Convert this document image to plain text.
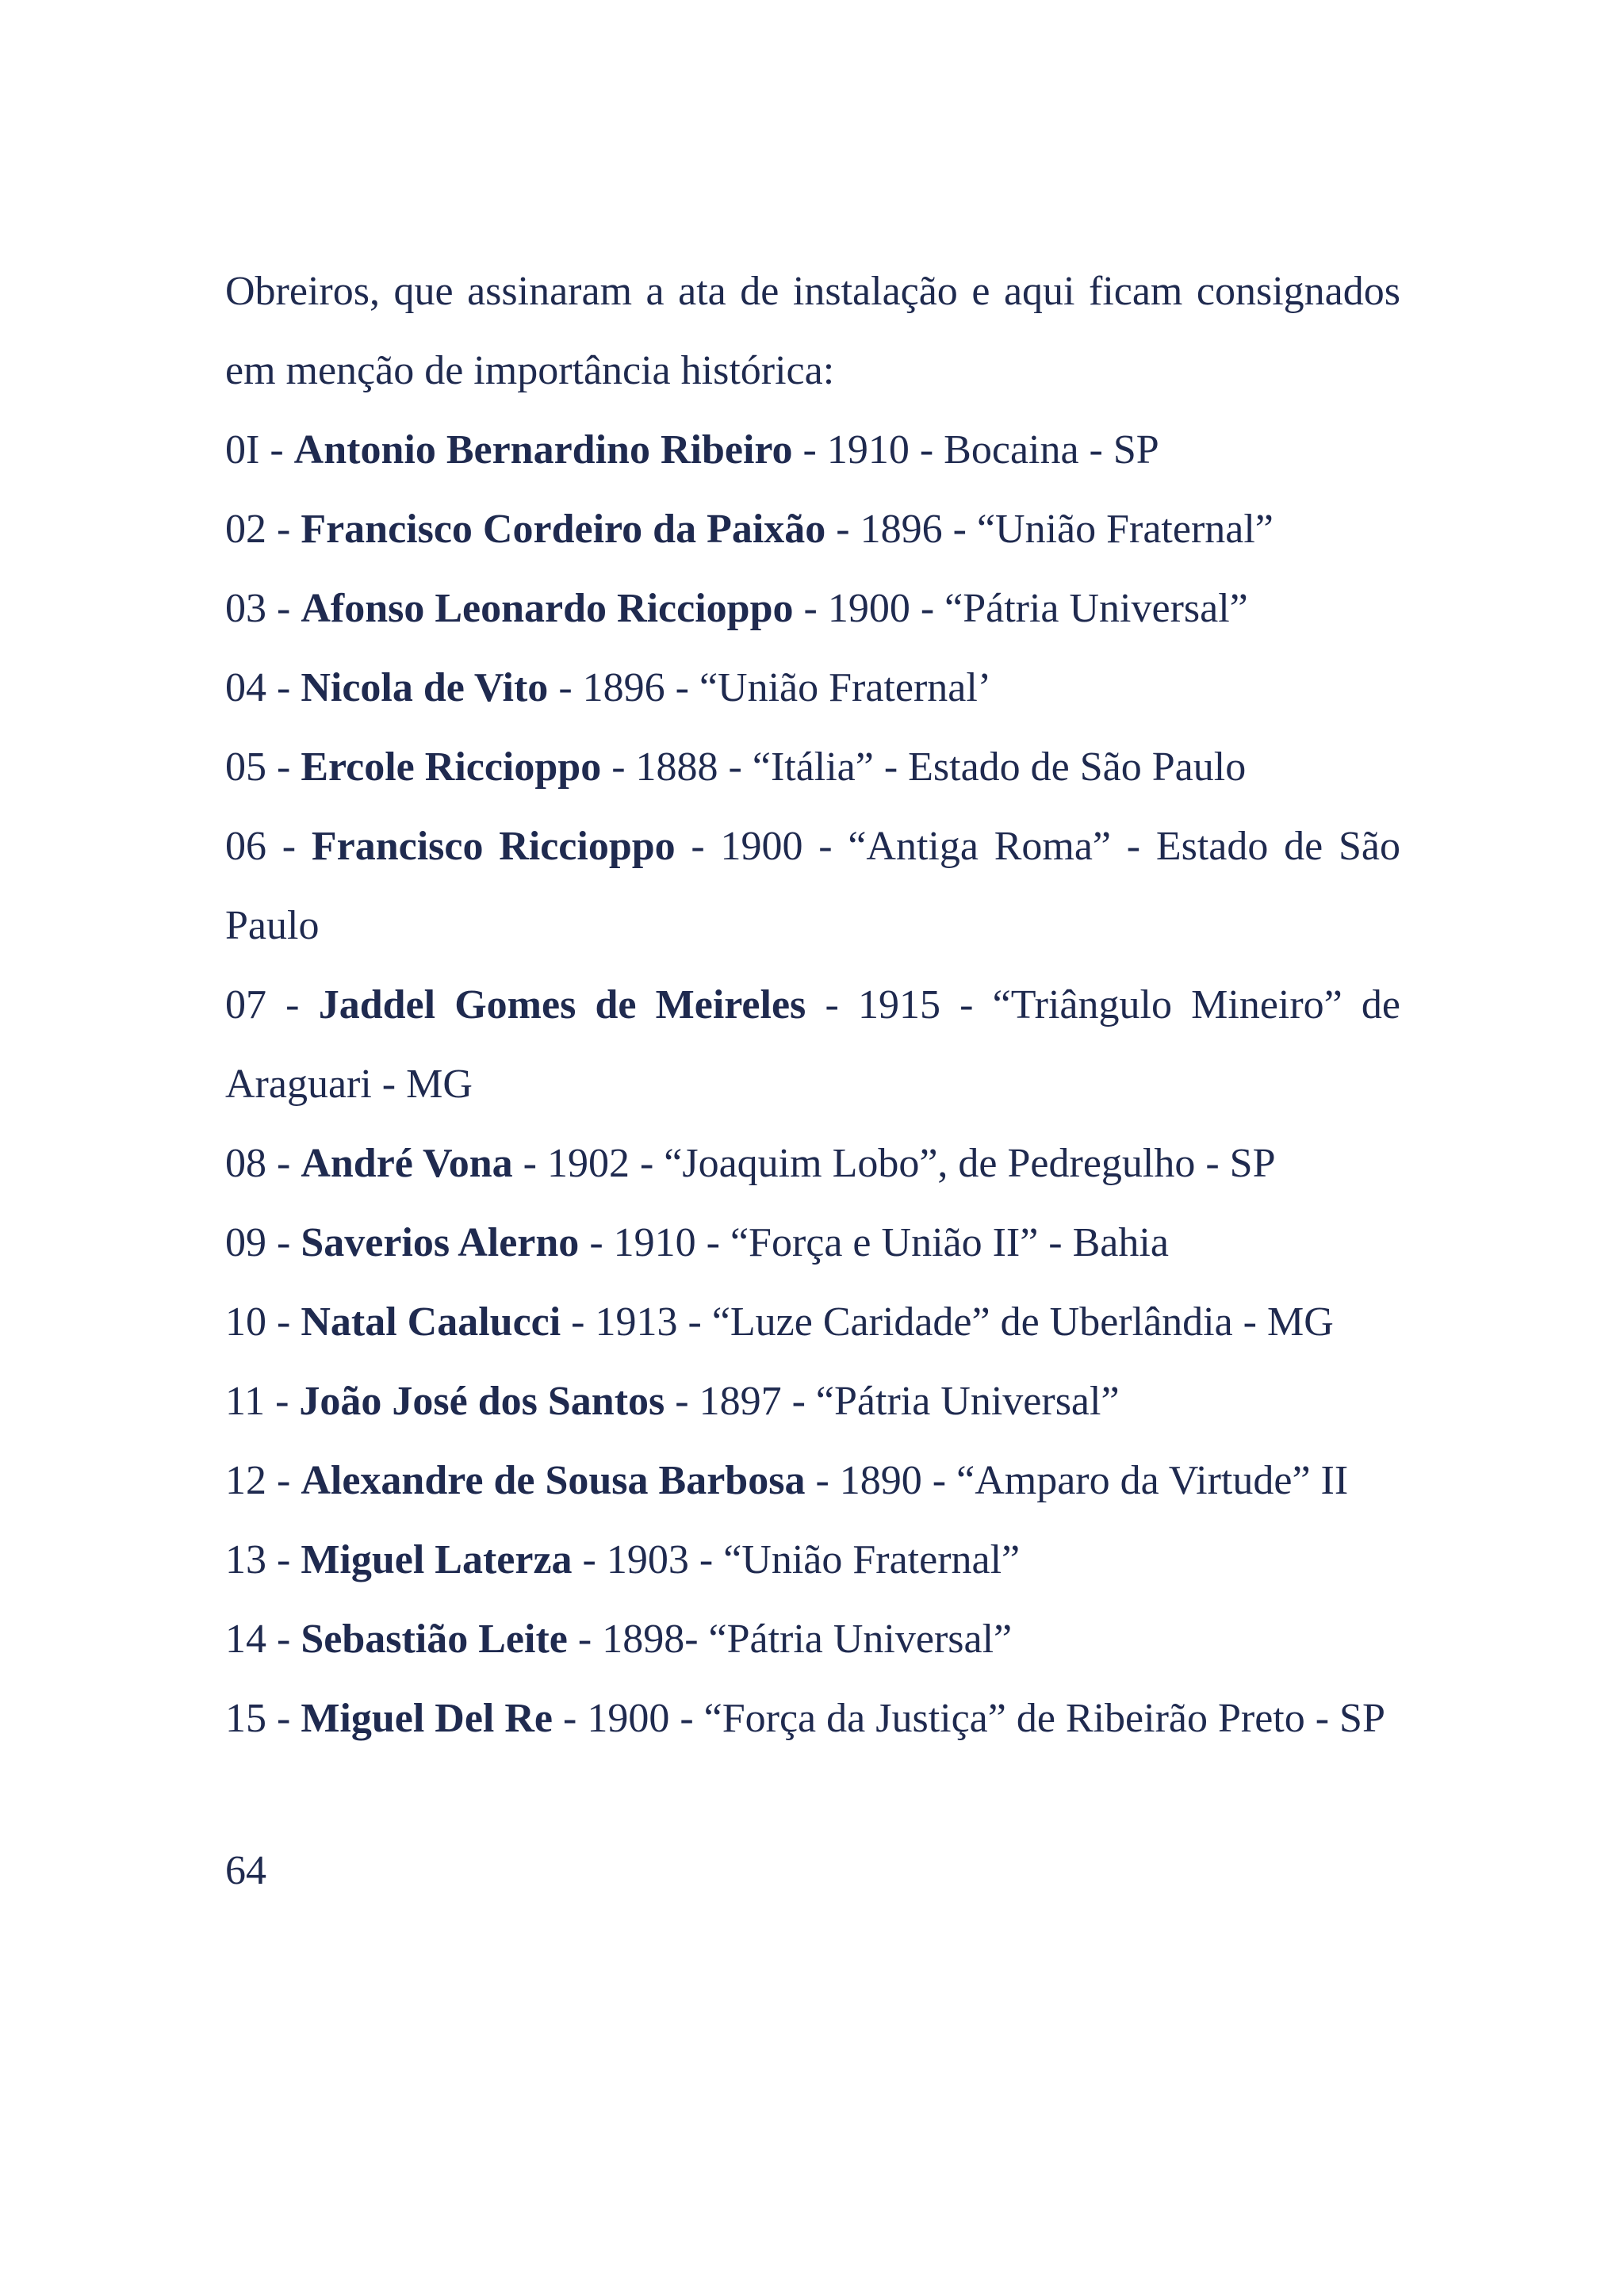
Obreiros, que assinaram a ata de instalação e aqui ficam consignados em menção de importância histórica:

0I - Antonio Bernardino Ribeiro - 1910 - Bocaina - SP

02 - Francisco Cordeiro da Paixão - 1896 - “União Fraternal”

03 - Afonso Leonardo Riccioppo - 1900 - “Pátria Universal”

04 - Nicola de Vito - 1896 - “União Fraternal’

05 - Ercole Riccioppo - 1888 - “Itália” - Estado de São Paulo

06 - Francisco Riccioppo - 1900 - “Antiga Roma” - Estado de São Paulo

07 - Jaddel Gomes de Meireles - 1915 - “Triângulo Mineiro” de Araguari - MG

08 - André Vona - 1902 - “Joaquim Lobo”, de Pedregulho - SP

09 - Saverios Alerno - 1910 - “Força e União II” - Bahia

10 - Natal Caalucci - 1913 - “Luze Caridade” de Uberlândia - MG

11 - João José dos Santos - 1897 - “Pátria Universal”

12 - Alexandre de Sousa Barbosa - 1890 - “Amparo da Virtude” II

13 - Miguel Laterza - 1903 - “União Fraternal”

14 - Sebastião Leite - 1898- “Pátria Universal”

15 - Miguel Del Re - 1900 - “Força da Justiça” de Ribeirão Preto - SP

64
